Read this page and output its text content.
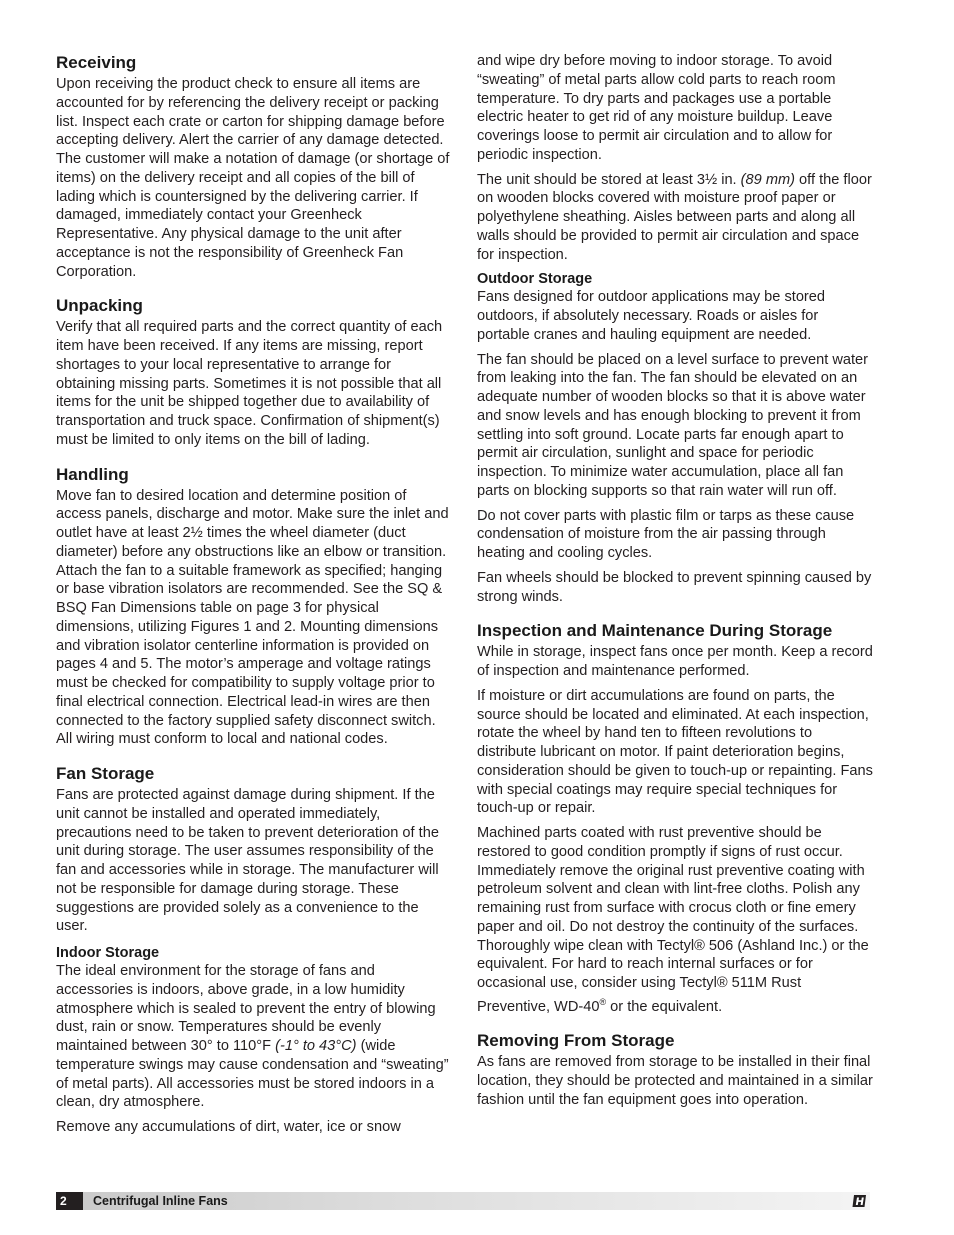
Receiving

Upon receiving the product check to ensure all items are accounted for by referencing the delivery receipt or packing list. Inspect each crate or carton for shipping damage before accepting delivery. Alert the carrier of any damage detected. The customer will make a notation of damage (or shortage of items) on the delivery receipt and all copies of the bill of lading which is countersigned by the delivering carrier. If damaged, immediately contact your Greenheck Representative. Any physical damage to the unit after acceptance is not the responsibility of Greenheck Fan Corporation.

Unpacking

Verify that all required parts and the correct quantity of each item have been received. If any items are missing, report shortages to your local representative to arrange for obtaining missing parts. Sometimes it is not possible that all items for the unit be shipped together due to availability of transportation and truck space. Confirmation of shipment(s) must be limited to only items on the bill of lading.

Handling

Move fan to desired location and determine position of access panels, discharge and motor. Make sure the inlet and outlet have at least 2½ times the wheel diameter (duct diameter) before any obstructions like an elbow or transition. Attach the fan to a suitable framework as specified; hanging or base vibration isolators are recommended. See the SQ & BSQ Fan Dimensions table on page 3 for physical dimensions, utilizing Figures 1 and 2. Mounting dimensions and vibration isolator centerline information is provided on pages 4 and 5. The motor’s amperage and voltage ratings must be checked for compatibility to supply voltage prior to final electrical connection. Electrical lead-in wires are then connected to the factory supplied safety disconnect switch. All wiring must conform to local and national codes.

Fan Storage

Fans are protected against damage during shipment. If the unit cannot be installed and operated immediately, precautions need to be taken to prevent deterioration of the unit during storage. The user assumes responsibility of the fan and accessories while in storage. The manufacturer will not be responsible for damage during storage. These suggestions are provided solely as a convenience to the user.

Indoor Storage

The ideal environment for the storage of fans and accessories is indoors, above grade, in a low humidity atmosphere which is sealed to prevent the entry of blowing dust, rain or snow. Temperatures should be evenly maintained between 30° to 110°F (-1° to 43°C) (wide temperature swings may cause condensation and “sweating” of metal parts). All accessories must be stored indoors in a clean, dry atmosphere.

Remove any accumulations of dirt, water, ice or snow

and wipe dry before moving to indoor storage. To avoid “sweating” of metal parts allow cold parts to reach room temperature. To dry parts and packages use a portable electric heater to get rid of any moisture buildup. Leave coverings loose to permit air circulation and to allow for periodic inspection.

The unit should be stored at least 3½ in. (89 mm) off the floor on wooden blocks covered with moisture proof paper or polyethylene sheathing. Aisles between parts and along all walls should be provided to permit air circulation and space for inspection.

Outdoor Storage

Fans designed for outdoor applications may be stored outdoors, if absolutely necessary. Roads or aisles for portable cranes and hauling equipment are needed.

The fan should be placed on a level surface to prevent water from leaking into the fan. The fan should be elevated on an adequate number of wooden blocks so that it is above water and snow levels and has enough blocking to prevent it from settling into soft ground. Locate parts far enough apart to permit air circulation, sunlight and space for periodic inspection. To minimize water accumulation, place all fan parts on blocking supports so that rain water will run off.

Do not cover parts with plastic film or tarps as these cause condensation of moisture from the air passing through heating and cooling cycles.

Fan wheels should be blocked to prevent spinning caused by strong winds.

Inspection and Maintenance During Storage

While in storage, inspect fans once per month. Keep a record of inspection and maintenance performed.

If moisture or dirt accumulations are found on parts, the source should be located and eliminated. At each inspection, rotate the wheel by hand ten to fifteen revolutions to distribute lubricant on motor. If paint deterioration begins, consideration should be given to touch-up or repainting. Fans with special coatings may require special techniques for touch-up or repair.

Machined parts coated with rust preventive should be restored to good condition promptly if signs of rust occur. Immediately remove the original rust preventive coating with petroleum solvent and clean with lint-free cloths. Polish any remaining rust from surface with crocus cloth or fine emery paper and oil. Do not destroy the continuity of the surfaces. Thoroughly wipe clean with Tectyl® 506 (Ashland Inc.) or the equivalent. For hard to reach internal surfaces or for occasional use, consider using Tectyl® 511M Rust Preventive, WD-40® or the equivalent.

Removing From Storage

As fans are removed from storage to be installed in their final location, they should be protected and maintained in a similar fashion until the fan equipment goes into operation.

2	Centrifugal Inline Fans
